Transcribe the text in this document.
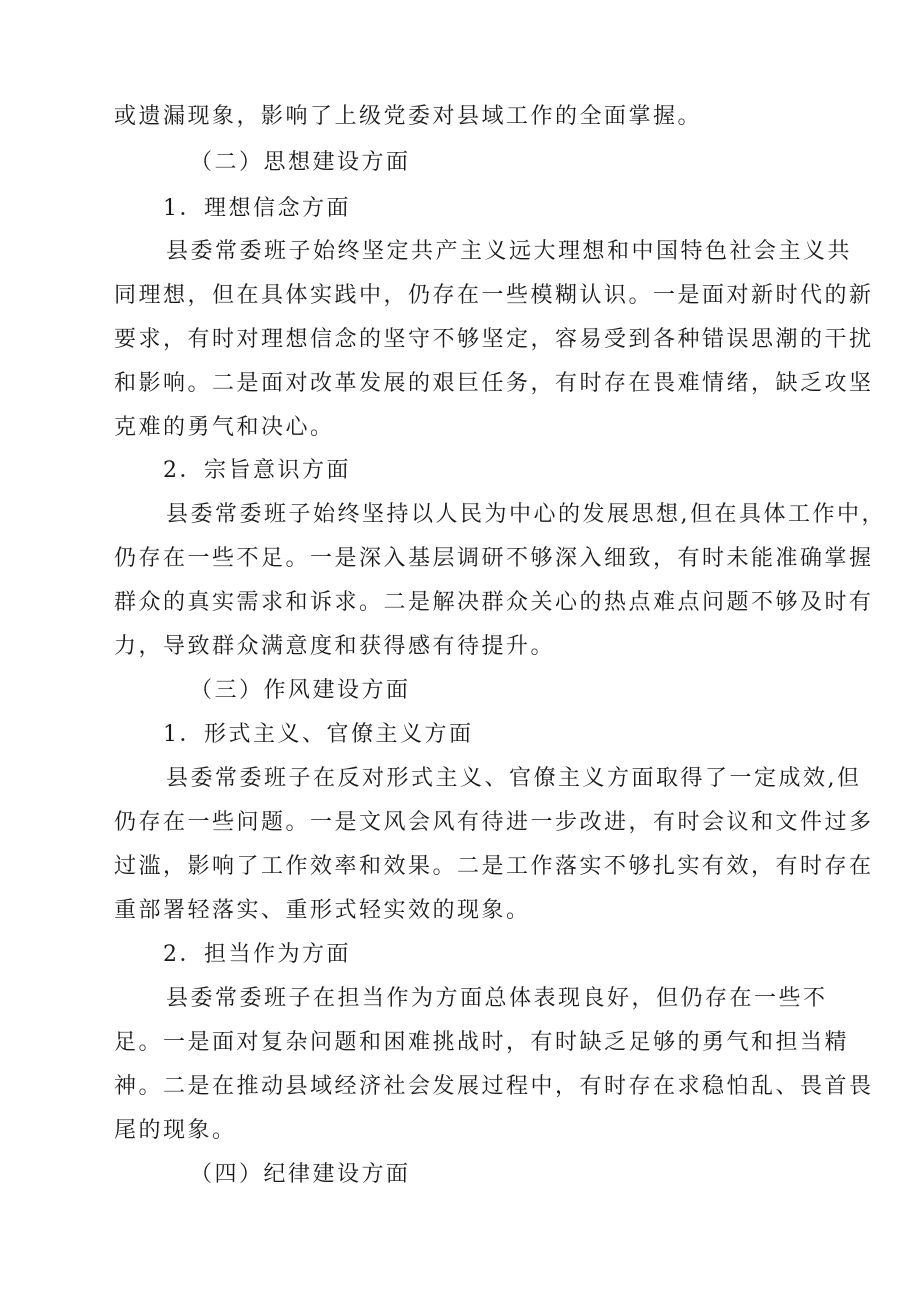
或遗漏现象，影响了上级党委对县域工作的全面掌握。
（二）思想建设方面
1．理想信念方面
县委常委班子始终坚定共产主义远大理想和中国特色社会主义共
同理想，但在具体实践中，仍存在一些模糊认识。一是面对新时代的新
要求，有时对理想信念的坚守不够坚定，容易受到各种错误思潮的干扰
和影响。二是面对改革发展的艰巨任务，有时存在畏难情绪，缺乏攻坚
克难的勇气和决心。
2．宗旨意识方面
县委常委班子始终坚持以人民为中心的发展思想,但在具体工作中，
仍存在一些不足。一是深入基层调研不够深入细致，有时未能准确掌握
群众的真实需求和诉求。二是解决群众关心的热点难点问题不够及时有
力，导致群众满意度和获得感有待提升。
（三）作风建设方面
1．形式主义、官僚主义方面
县委常委班子在反对形式主义、官僚主义方面取得了一定成效,但
仍存在一些问题。一是文风会风有待进一步改进，有时会议和文件过多
过滥，影响了工作效率和效果。二是工作落实不够扎实有效，有时存在
重部署轻落实、重形式轻实效的现象。
2．担当作为方面
县委常委班子在担当作为方面总体表现良好，但仍存在一些不
足。一是面对复杂问题和困难挑战时，有时缺乏足够的勇气和担当精
神。二是在推动县域经济社会发展过程中，有时存在求稳怕乱、畏首畏
尾的现象。
（四）纪律建设方面
